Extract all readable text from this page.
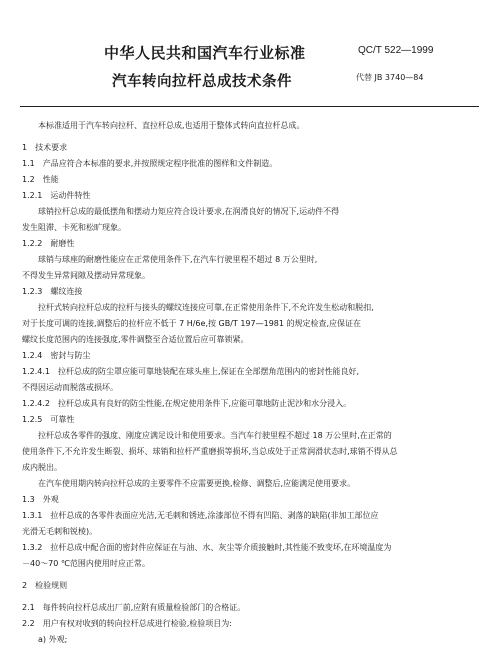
中华人民共和国汽车行业标准	QC/T 522—1999
汽车转向拉杆总成技术条件	代替 JB 3740—84
本标准适用于汽车转向拉杆、直拉杆总成,也适用于整体式转向直拉杆总成。
1　技术要求
1.1　产品应符合本标准的要求,并按照规定程序批准的图样和文件制造。
1.2　性能
1.2.1　运动件特性
球销拉杆总成的最低摆角和摆动力矩应符合设计要求,在润滑良好的情况下,运动件不得
发生阻滞、卡死和松旷现象。
1.2.2　耐磨性
球销与球座的耐磨性能应在正常使用条件下,在汽车行驶里程不超过 8 万公里时,
不得发生异常间隙及摆动异常现象。
1.2.3　螺纹连接
拉杆式转向拉杆总成的拉杆与接头的螺纹连接应可靠,在正常使用条件下,不允许发生松动和脱扣,
对于长度可调的连接,调整后的拉杆应不低于 7 H/6e,按 GB/T 197—1981 的规定检查,应保证在
螺纹长度范围内的连接强度,零件调整至合适位置后应可靠锁紧。
1.2.4　密封与防尘
1.2.4.1　拉杆总成的防尘罩应能可靠地装配在球头座上,保证在全部摆角范围内的密封性能良好,
不得因运动而脱落或损坏。
1.2.4.2　拉杆总成具有良好的防尘性能,在规定使用条件下,应能可靠地防止泥沙和水分浸入。
1.2.5　可靠性
拉杆总成各零件的强度、刚度应满足设计和使用要求。当汽车行驶里程不超过 18 万公里时,在正常的
使用条件下,不允许发生断裂、损坏、球销和拉杆严重磨损等损坏,当总成处于正常润滑状态时,球销不得从总
成内脱出。
在汽车使用期内转向拉杆总成的主要零件不应需要更换,检修、调整后,应能满足使用要求。
1.3　外观
1.3.1　拉杆总成的各零件表面应光洁,无毛刺和锈迹,涂漆部位不得有凹陷、剥落的缺陷(非加工部位应
光滑无毛刺和锐棱)。
1.3.2　拉杆总成中配合面的密封件应保证在与油、水、灰尘等介质接触时,其性能不致变坏,在环境温度为
－40～70 ℃范围内使用时应正常。
2　检验规则
2.1　每件转向拉杆总成出厂前,应附有质量检验部门的合格证。
2.2　用户有权对收到的转向拉杆总成进行检验,检验项目为:
a) 外观;
